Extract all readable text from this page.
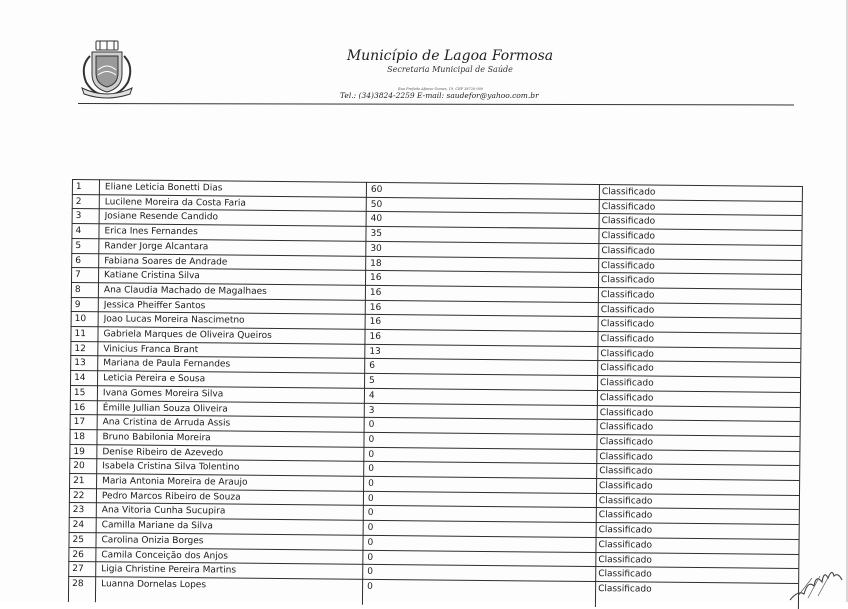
Município de Lagoa Formosa
Secretaria Municipal de Saúde
Rua Prefeito Afonso Gomes, 19, CEP 38720-000
Tel.: (34)3824-2259 E-mail: saudefor@yahoo.com.br
1	Eliane Leticia Bonetti Dias	60	Classificado
2	Lucilene Moreira da Costa Faria	50	Classificado
3	Josiane Resende Candido	40	Classificado
4	Erica Ines Fernandes	35	Classificado
5	Rander Jorge Alcantara	30	Classificado
6	Fabiana Soares de Andrade	18	Classificado
7	Katiane Cristina Silva	16	Classificado
8	Ana Claudia Machado de Magalhaes	16	Classificado
9	Jessica Pheiffer Santos	16	Classificado
10	Joao Lucas Moreira Nascimetno	16	Classificado
11	Gabriela Marques de Oliveira Queiros	16	Classificado
12	Vinicius Franca Brant	13	Classificado
13	Mariana de Paula Fernandes	6	Classificado
14	Leticia Pereira e Sousa	5	Classificado
15	Ivana Gomes Moreira Silva	4	Classificado
16	Émille Jullian Souza Oliveira	3	Classificado
17	Ana Cristina de Arruda Assis	0	Classificado
18	Bruno Babilonia Moreira	0	Classificado
19	Denise Ribeiro de Azevedo	0	Classificado
20	Isabela Cristina Silva Tolentino	0	Classificado
21	Maria Antonia Moreira de Araujo	0	Classificado
22	Pedro Marcos Ribeiro de Souza	0	Classificado
23	Ana Vitoria Cunha Sucupira	0	Classificado
24	Camilla Mariane da Silva	0	Classificado
25	Carolina Onizia Borges	0	Classificado
26	Camila Conceição dos Anjos	0	Classificado
27	Ligia Christine Pereira Martins	0	Classificado
28	Luanna Dornelas Lopes	0	Classificado
